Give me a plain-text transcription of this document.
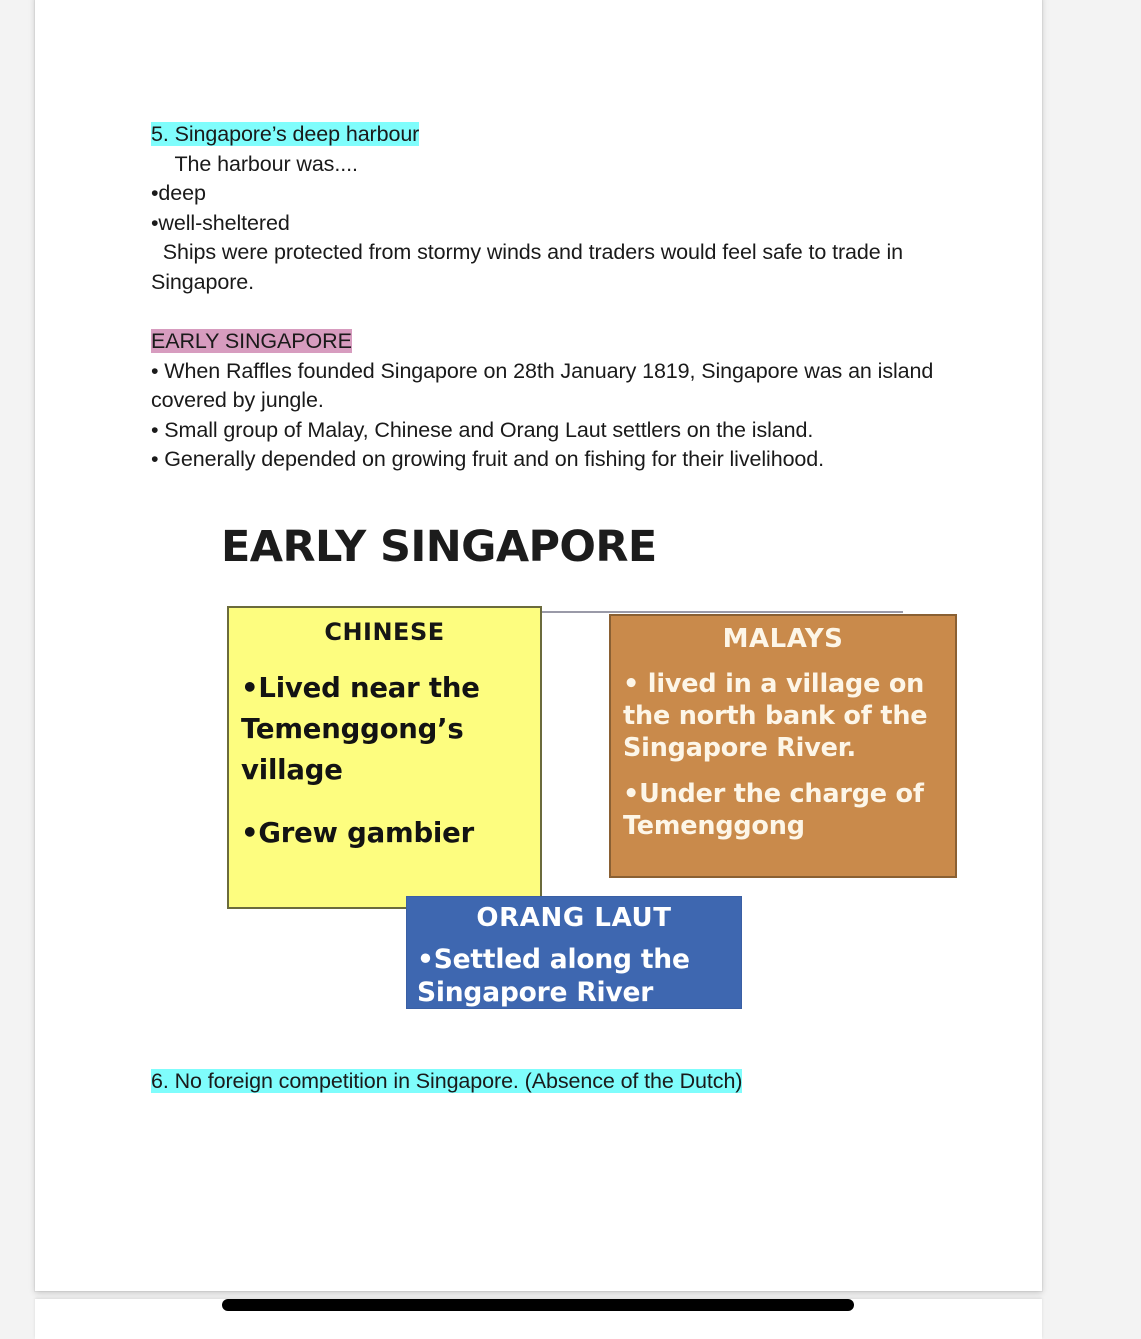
5. Singapore’s deep harbour
The harbour was....
•deep
•well-sheltered
Ships were protected from stormy winds and traders would feel safe to trade in Singapore.
EARLY SINGAPORE
• When Raffles founded Singapore on 28th January 1819, Singapore was an island covered by jungle.
• Small group of Malay, Chinese and Orang Laut settlers on the island.
• Generally depended on growing fruit and on fishing for their livelihood.
EARLY SINGAPORE
CHINESE
•Lived near the Temenggong’s village
•Grew gambier
MALAYS
• lived in a village on the north bank of the Singapore River.
•Under the charge of Temenggong
ORANG LAUT
•Settled along the Singapore River
6. No foreign competition in Singapore. (Absence of the Dutch)
